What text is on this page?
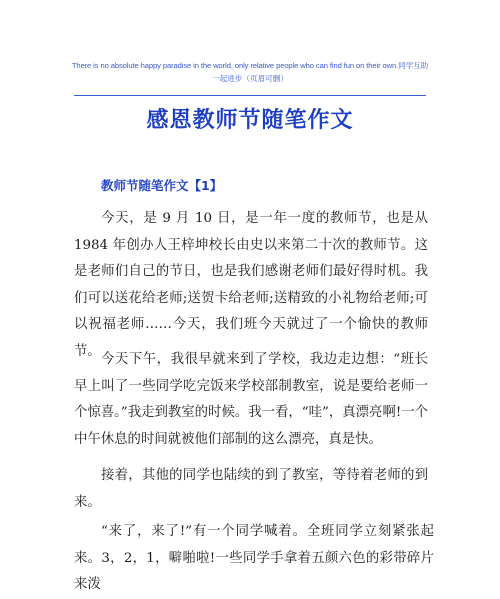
There is no absolute happy paradise in the world, only relative people who can find fun on their own.同学互助
一起进步（页眉可删）
感恩教师节随笔作文
教师节随笔作文【1】

今天，是 9 月 10 日，是一年一度的教师节，也是从 1984 年创办人王梓坤校长由史以来第二十次的教师节。这是老师们自己的节日，也是我们感谢老师们最好得时机。我们可以送花给老师;送贺卡给老师;送精致的小礼物给老师;可以祝福老师……今天，我们班今天就过了一个愉快的教师节。

今天下午，我很早就来到了学校，我边走边想：“班长早上叫了一些同学吃完饭来学校部制教室，说是要给老师一个惊喜。”我走到教室的时候。我一看，“哇”，真漂亮啊!一个中午休息的时间就被他们部制的这么漂亮，真是快。

接着，其他的同学也陆续的到了教室，等待着老师的到来。

“来了，来了!”有一个同学喊着。全班同学立刻紧张起来。3，2，1，噼啪啦!一些同学手拿着五颜六色的彩带碎片来泼
